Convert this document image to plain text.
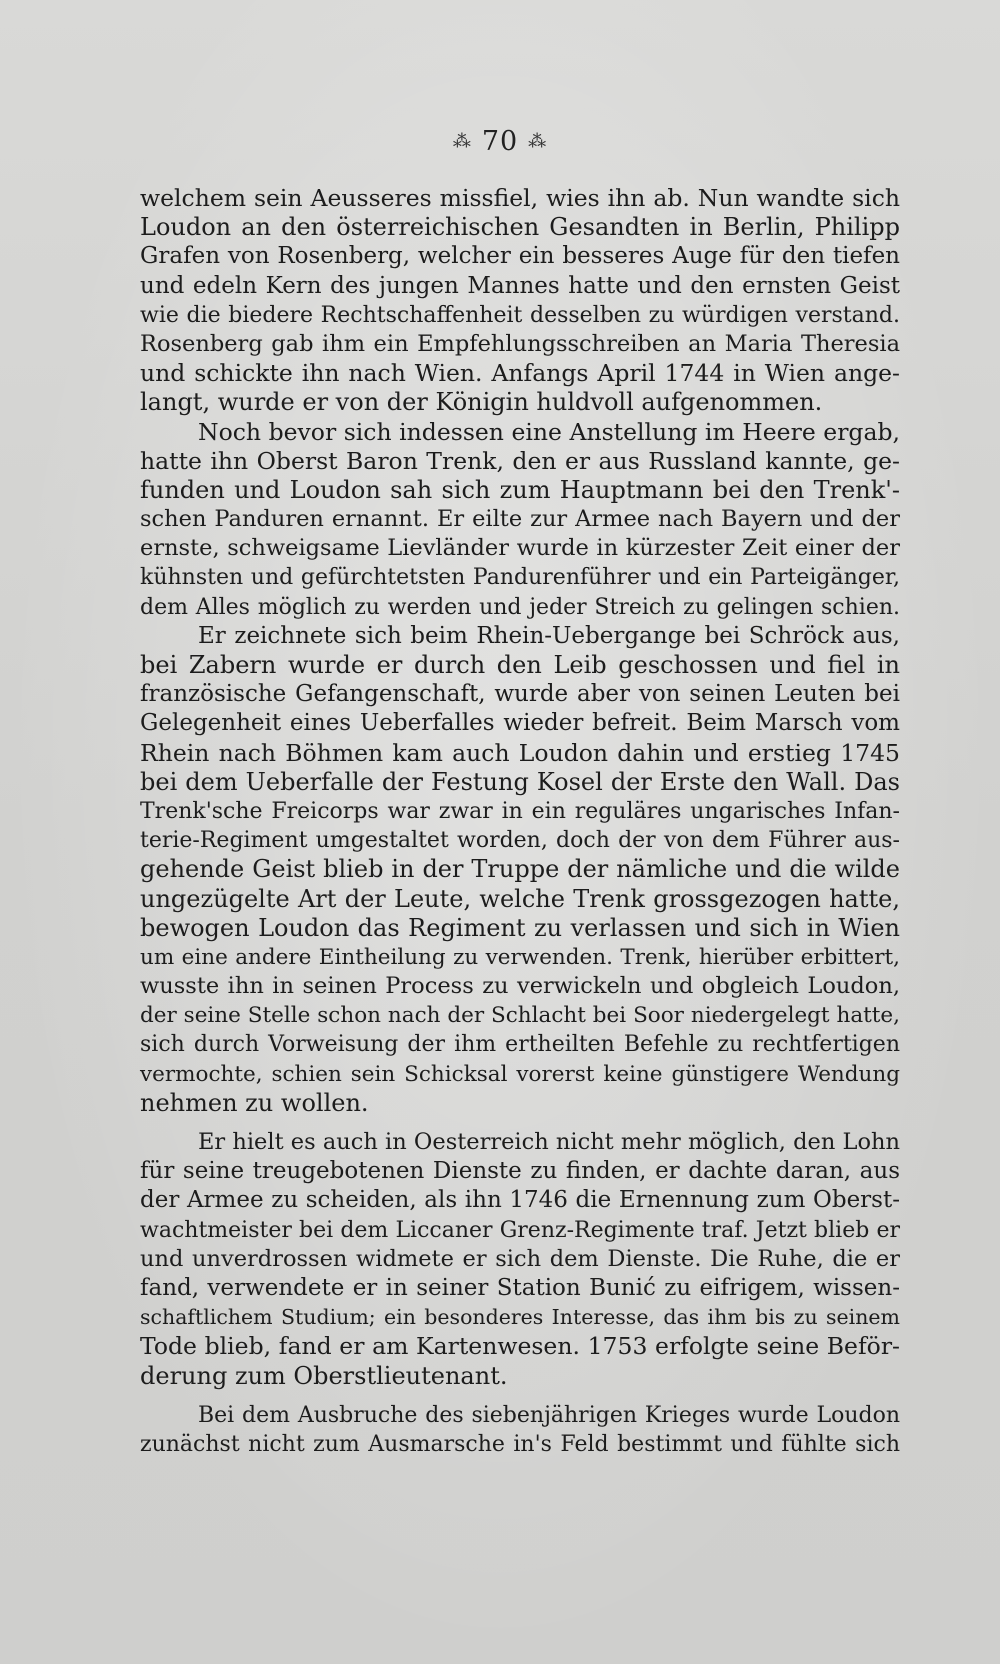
⁂ 70 ⁂
welchem sein Aeusseres missfiel, wies ihn ab. Nun wandte sich
Loudon an den österreichischen Gesandten in Berlin, Philipp
Grafen von Rosenberg, welcher ein besseres Auge für den tiefen
und edeln Kern des jungen Mannes hatte und den ernsten Geist
wie die biedere Rechtschaffenheit desselben zu würdigen verstand.
Rosenberg gab ihm ein Empfehlungsschreiben an Maria Theresia
und schickte ihn nach Wien. Anfangs April 1744 in Wien ange-
langt, wurde er von der Königin huldvoll aufgenommen.
Noch bevor sich indessen eine Anstellung im Heere ergab,
hatte ihn Oberst Baron Trenk, den er aus Russland kannte, ge-
funden und Loudon sah sich zum Hauptmann bei den Trenk'-
schen Panduren ernannt. Er eilte zur Armee nach Bayern und der
ernste, schweigsame Lievländer wurde in kürzester Zeit einer der
kühnsten und gefürchtetsten Pandurenführer und ein Parteigänger,
dem Alles möglich zu werden und jeder Streich zu gelingen schien.
Er zeichnete sich beim Rhein-Uebergange bei Schröck aus,
bei Zabern wurde er durch den Leib geschossen und fiel in
französische Gefangenschaft, wurde aber von seinen Leuten bei
Gelegenheit eines Ueberfalles wieder befreit. Beim Marsch vom
Rhein nach Böhmen kam auch Loudon dahin und erstieg 1745
bei dem Ueberfalle der Festung Kosel der Erste den Wall. Das
Trenk'sche Freicorps war zwar in ein reguläres ungarisches Infan-
terie-Regiment umgestaltet worden, doch der von dem Führer aus-
gehende Geist blieb in der Truppe der nämliche und die wilde
ungezügelte Art der Leute, welche Trenk grossgezogen hatte,
bewogen Loudon das Regiment zu verlassen und sich in Wien
um eine andere Eintheilung zu verwenden. Trenk, hierüber erbittert,
wusste ihn in seinen Process zu verwickeln und obgleich Loudon,
der seine Stelle schon nach der Schlacht bei Soor niedergelegt hatte,
sich durch Vorweisung der ihm ertheilten Befehle zu rechtfertigen
vermochte, schien sein Schicksal vorerst keine günstigere Wendung
nehmen zu wollen.
Er hielt es auch in Oesterreich nicht mehr möglich, den Lohn
für seine treugebotenen Dienste zu finden, er dachte daran, aus
der Armee zu scheiden, als ihn 1746 die Ernennung zum Oberst-
wachtmeister bei dem Liccaner Grenz-Regimente traf. Jetzt blieb er
und unverdrossen widmete er sich dem Dienste. Die Ruhe, die er
fand, verwendete er in seiner Station Bunić zu eifrigem, wissen-
schaftlichem Studium; ein besonderes Interesse, das ihm bis zu seinem
Tode blieb, fand er am Kartenwesen. 1753 erfolgte seine Beför-
derung zum Oberstlieutenant.
Bei dem Ausbruche des siebenjährigen Krieges wurde Loudon
zunächst nicht zum Ausmarsche in's Feld bestimmt und fühlte sich
